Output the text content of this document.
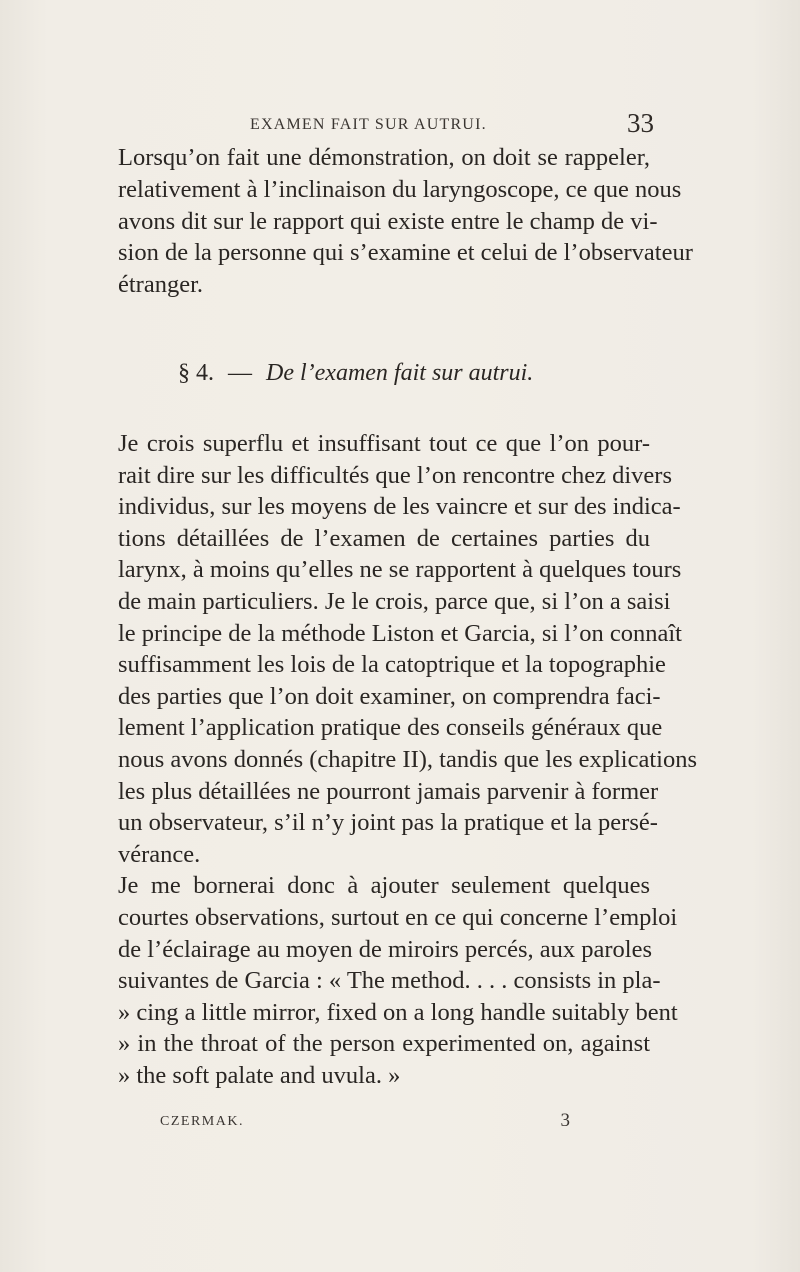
EXAMEN FAIT SUR AUTRUI.	33
Lorsqu’on fait une démonstration, on doit se rappeler,
relativement à l’inclinaison du laryngoscope, ce que nous
avons dit sur le rapport qui existe entre le champ de vi-
sion de la personne qui s’examine et celui de l’observateur
étranger.
§ 4. — De l’examen fait sur autrui.
Je crois superflu et insuffisant tout ce que l’on pour-
rait dire sur les difficultés que l’on rencontre chez divers
individus, sur les moyens de les vaincre et sur des indica-
tions détaillées de l’examen de certaines parties du
larynx, à moins qu’elles ne se rapportent à quelques tours
de main particuliers. Je le crois, parce que, si l’on a saisi
le principe de la méthode Liston et Garcia, si l’on connaît
suffisamment les lois de la catoptrique et la topographie
des parties que l’on doit examiner, on comprendra faci-
lement l’application pratique des conseils généraux que
nous avons donnés (chapitre II), tandis que les explications
les plus détaillées ne pourront jamais parvenir à former
un observateur, s’il n’y joint pas la pratique et la persé-
vérance.
Je me bornerai donc à ajouter seulement quelques
courtes observations, surtout en ce qui concerne l’emploi
de l’éclairage au moyen de miroirs percés, aux paroles
suivantes de Garcia : « The method. . . . consists in pla-
» cing a little mirror, fixed on a long handle suitably bent
» in the throat of the person experimented on, against
» the soft palate and uvula. »
CZERMAK.	3
